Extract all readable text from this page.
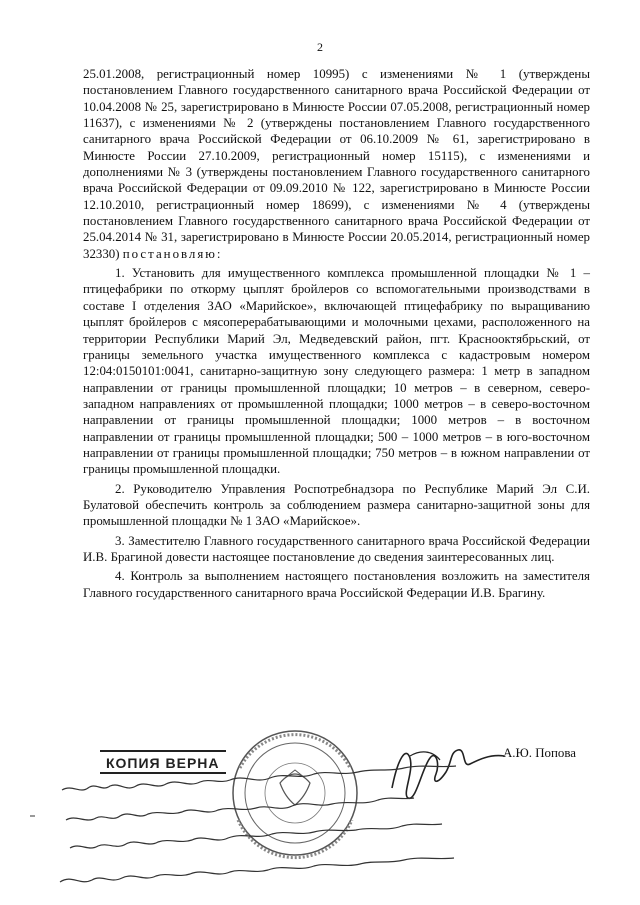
2

25.01.2008, регистрационный номер 10995) с изменениями № 1 (утверждены постановлением Главного государственного санитарного врача Российской Федерации от 10.04.2008 № 25, зарегистрировано в Минюсте России 07.05.2008, регистрационный номер 11637), с изменениями № 2 (утверждены постановлением Главного государственного санитарного врача Российской Федерации от 06.10.2009 № 61, зарегистрировано в Минюсте России 27.10.2009, регистрационный номер 15115), с изменениями и дополнениями № 3 (утверждены постановлением Главного государственного санитарного врача Российской Федерации от 09.09.2010 № 122, зарегистрировано в Минюсте России 12.10.2010, регистрационный номер 18699), с изменениями № 4 (утверждены постановлением Главного государственного санитарного врача Российской Федерации от 25.04.2014 № 31, зарегистрировано в Минюсте России 20.05.2014, регистрационный номер 32330) постановляю:

1. Установить для имущественного комплекса промышленной площадки № 1 – птицефабрики по откорму цыплят бройлеров со вспомогательными производствами в составе I отделения ЗАО «Марийское», включающей птицефабрику по выращиванию цыплят бройлеров с мясоперерабатывающими и молочными цехами, расположенного на территории Республики Марий Эл, Медведевский район, пгт. Красноoктябрьский, от границы земельного участка имущественного комплекса с кадастровым номером 12:04:0150101:0041, санитарно-защитную зону следующего размера: 1 метр в западном направлении от границы промышленной площадки; 10 метров – в северном, северо-западном направлениях от промышленной площадки; 1000 метров – в северо-восточном направлении от границы промышленной площадки; 1000 метров – в восточном направлении от границы промышленной площадки; 500 – 1000 метров – в юго-восточном направлении от границы промышленной площадки; 750 метров – в южном направлении от границы промышленной площадки.

2. Руководителю Управления Роспотребнадзора по Республике Марий Эл С.И. Булатовой обеспечить контроль за соблюдением размера санитарно-защитной зоны для промышленной площадки № 1 ЗАО «Марийское».

3. Заместителю Главного государственного санитарного врача Российской Федерации И.В. Брагиной довести настоящее постановление до сведения заинтересованных лиц.

4. Контроль за выполнением настоящего постановления возложить на заместителя Главного государственного санитарного врача Российской Федерации И.В. Брагину.

КОПИЯ ВЕРНА
А.Ю. Попова
